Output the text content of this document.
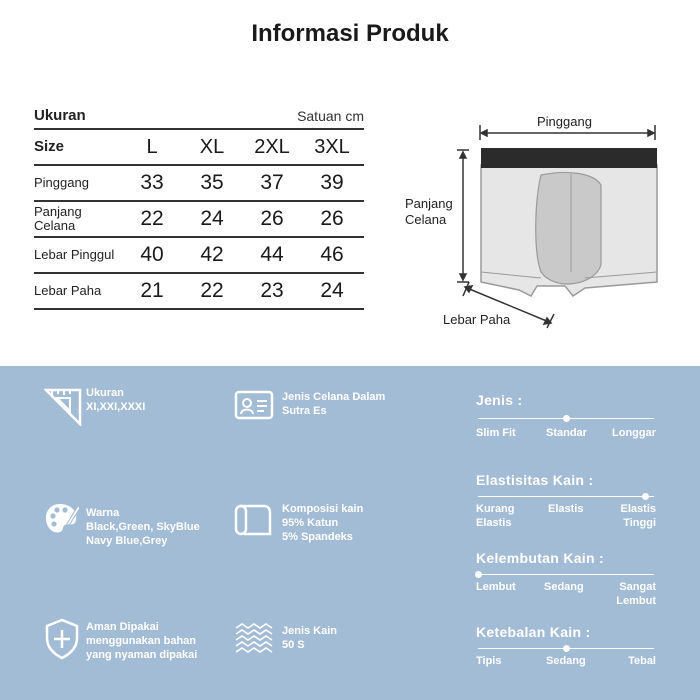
Informasi Produk
Ukuran	Satuan cm
Size	L	XL	2XL	3XL
Pinggang	33	35	37	39
Panjang Celana	22	24	26	26
Lebar Pinggul	40	42	44	46
Lebar Paha	21	22	23	24
Pinggang
Panjang
Celana
Lebar Paha
Ukuran
XI,XXI,XXXI
Jenis Celana Dalam
Sutra Es
Warna
Black,Green, SkyBlue
Navy Blue,Grey
Komposisi kain
95% Katun
5% Spandeks
Aman Dipakai
menggunakan bahan
yang nyaman dipakai
Jenis Kain
50 S
Jenis :
Slim Fit	Standar Longgar
Elastisitas Kain :
Kurang
Elastis
Elastis	Elastis
Tinggi
Kelembutan Kain :
Lembut	Sedang	Sangat
Lembut
Ketebalan Kain :
Tipis	Sedang	Tebal
